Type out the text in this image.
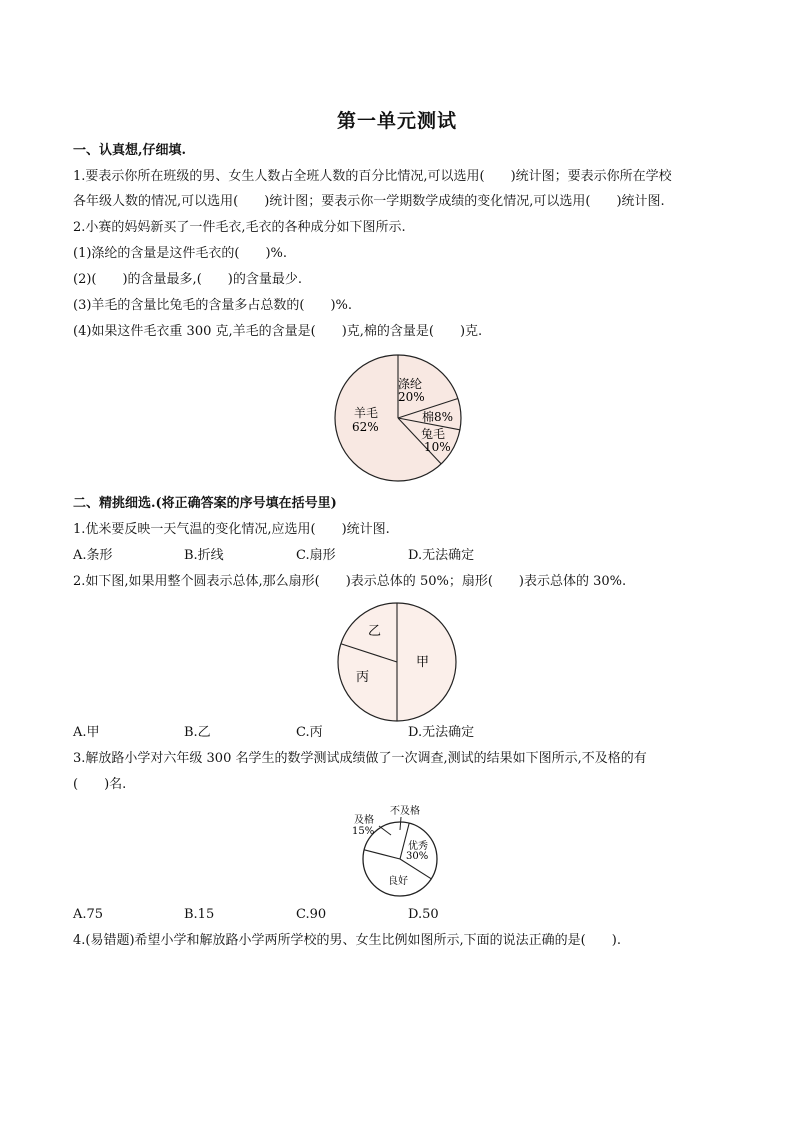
第一单元测试
一、认真想,仔细填.
1.要表示你所在班级的男、女生人数占全班人数的百分比情况,可以选用(　　)统计图；要表示你所在学校
各年级人数的情况,可以选用(　　)统计图；要表示你一学期数学成绩的变化情况,可以选用(　　)统计图.
2.小赛的妈妈新买了一件毛衣,毛衣的各种成分如下图所示.
(1)涤纶的含量是这件毛衣的(　　)%.
(2)(　　)的含量最多,(　　)的含量最少.
(3)羊毛的含量比兔毛的含量多占总数的(　　)%.
(4)如果这件毛衣重 300 克,羊毛的含量是(　　)克,棉的含量是(　　)克.
涤纶
20%
棉 8%
兔毛
10%
羊毛
62%
二、精挑细选.(将正确答案的序号填在括号里)
1.优米要反映一天气温的变化情况,应选用(　　)统计图.
A.条形	B.折线	C.扇形	D.无法确定
2.如下图,如果用整个圆表示总体,那么扇形(　　)表示总体的 50%；扇形(　　)表示总体的 30%.
甲
乙
丙
A.甲	B.乙	C.丙	D.无法确定
3.解放路小学对六年级 300 名学生的数学测试成绩做了一次调查,测试的结果如下图所示,不及格的有
(　　)名.
不及格
及格
15%
优秀
30%
良好
A.75	B.15	C.90	D.50
4.(易错题)希望小学和解放路小学两所学校的男、女生比例如图所示,下面的说法正确的是(　　).
